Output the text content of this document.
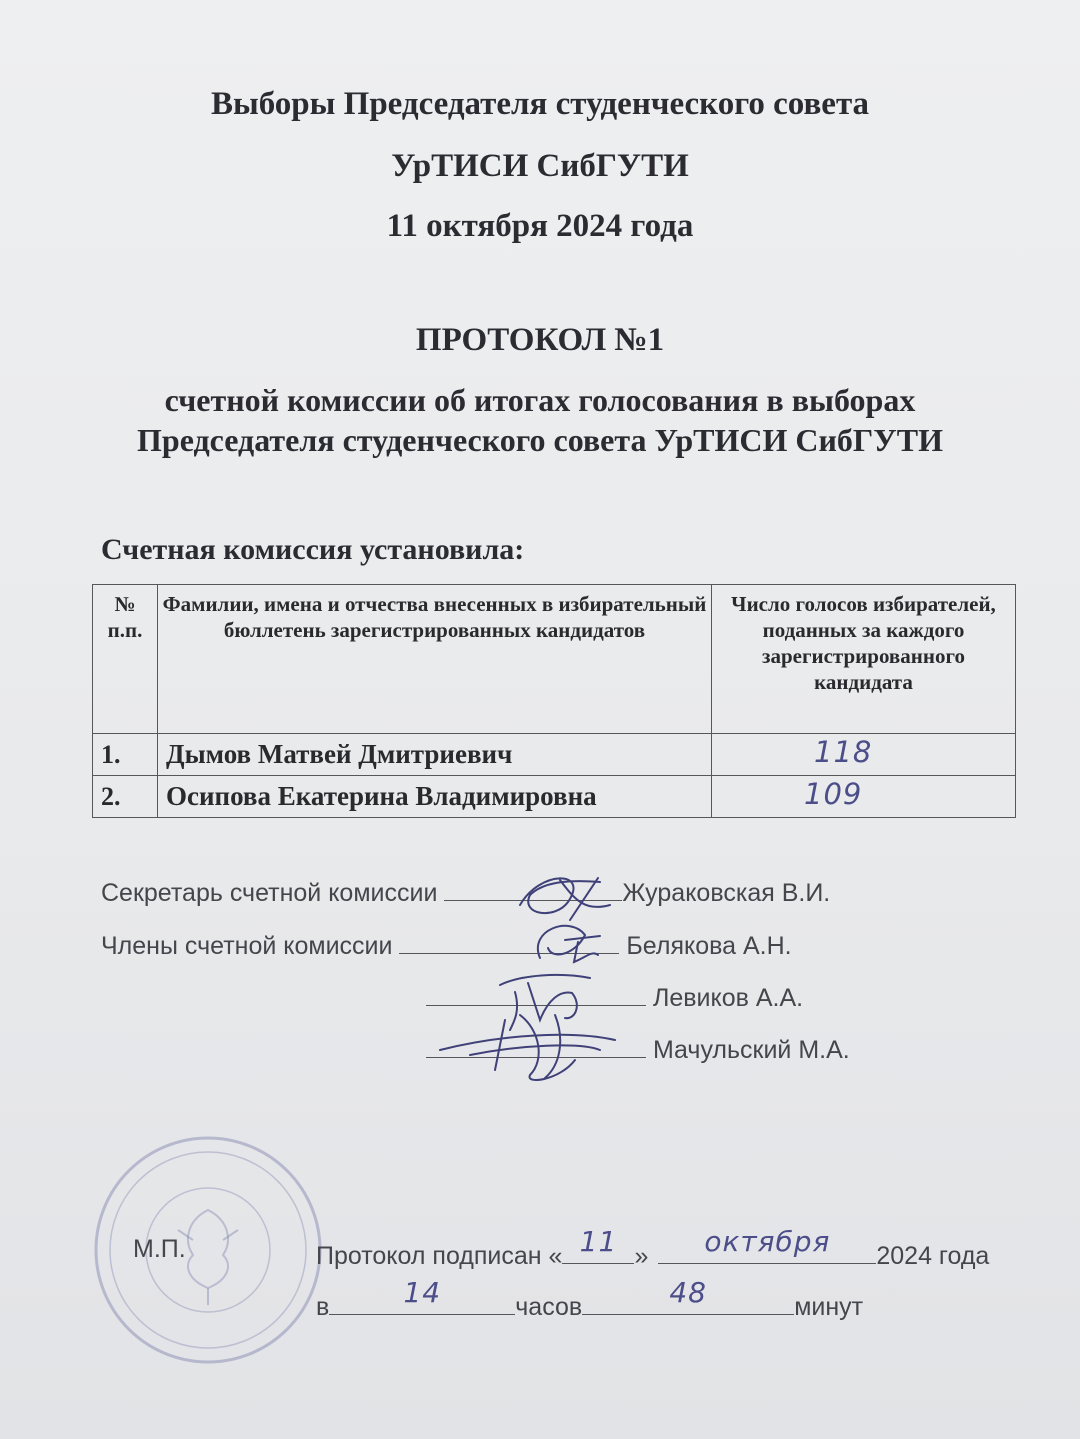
Выборы Председателя студенческого совета
УрТИСИ СибГУТИ
11 октября 2024 года
ПРОТОКОЛ №1
счетной комиссии об итогах голосования в выборах
Председателя студенческого совета УрТИСИ СибГУТИ
Счетная комиссия установила:
№ п.п.	Фамилии, имена и отчества внесенных в избирательный бюллетень зарегистрированных кандидатов	Число голосов избирателей, поданных за каждого зарегистрированного кандидата
1.	Дымов Матвей Дмитриевич	118

2.	Осипова Екатерина Владимировна	109
Секретарь счетной комиссии	Жураковская В.И.
Члены счетной комиссии	Белякова А.Н.
Левиков А.А.
Мачульский М.А.
М.П.	Протокол подписан « 11 »	октября	2024 года
в	14	часов	48	минут
